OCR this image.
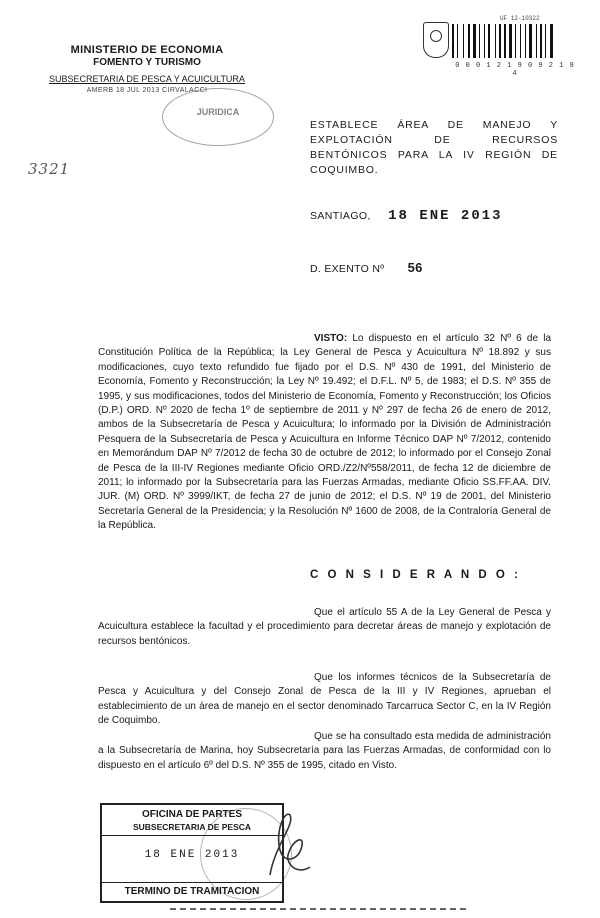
MINISTERIO DE ECONOMIA
FOMENTO Y TURISMO
SUBSECRETARIA DE PESCA Y ACUICULTURA
AMERB 18 JUL 2013 CIRVALACCI
JURIDICA
3321
UF 12-10322
0 0 0 1 2 1 9 0 9 2 1 8 4
ESTABLECE ÁREA DE MANEJO Y EXPLOTACIÓN DE RECURSOS BENTÓNICOS PARA LA IV REGIÓN DE COQUIMBO.
SANTIAGO, 18 ENE 2013
D. EXENTO Nº 56
VISTO: Lo dispuesto en el artículo 32 Nº 6 de la Constitución Política de la República; la Ley General de Pesca y Acuicultura Nº 18.892 y sus modificaciones, cuyo texto refundido fue fijado por el D.S. Nº 430 de 1991, del Ministerio de Economía, Fomento y Reconstrucción; la Ley Nº 19.492; el D.F.L. Nº 5, de 1983; el D.S. Nº 355 de 1995, y sus modificaciones, todos del Ministerio de Economía, Fomento y Reconstrucción; los Oficios (D.P.) ORD. Nº 2020 de fecha 1º de septiembre de 2011 y Nº 297 de fecha 26 de enero de 2012, ambos de la Subsecretaría de Pesca y Acuicultura; lo informado por la División de Administración Pesquera de la Subsecretaría de Pesca y Acuicultura en Informe Técnico DAP Nº 7/2012, contenido en Memorándum DAP Nº 7/2012 de fecha 30 de octubre de 2012; lo informado por el Consejo Zonal de Pesca de la III-IV Regiones mediante Oficio ORD./Z2/Nº558/2011, de fecha 12 de diciembre de 2011; lo informado por la Subsecretaría para las Fuerzas Armadas, mediante Oficio SS.FF.AA. DIV. JUR. (M) ORD. Nº 3999/IKT, de fecha 27 de junio de 2012; el D.S. Nº 19 de 2001, del Ministerio Secretaría General de la Presidencia; y la Resolución Nº 1600 de 2008, de la Contraloría General de la República.
C O N S I D E R A N D O :
Que el artículo 55 A de la Ley General de Pesca y Acuicultura establece la facultad y el procedimiento para decretar áreas de manejo y explotación de recursos bentónicos.
Que los informes técnicos de la Subsecretaría de Pesca y Acuicultura y del Consejo Zonal de Pesca de la III y IV Regiones, aprueban el establecimiento de un área de manejo en el sector denominado Tarcarruca Sector C, en la IV Región de Coquimbo.
Que se ha consultado esta medida de administración a la Subsecretaría de Marina, hoy Subsecretaría para las Fuerzas Armadas, de conformidad con lo dispuesto en el artículo 6º del D.S. Nº 355 de 1995, citado en Visto.
OFICINA DE PARTES
SUBSECRETARIA DE PESCA
18 ENE 2013
TERMINO DE TRAMITACION
